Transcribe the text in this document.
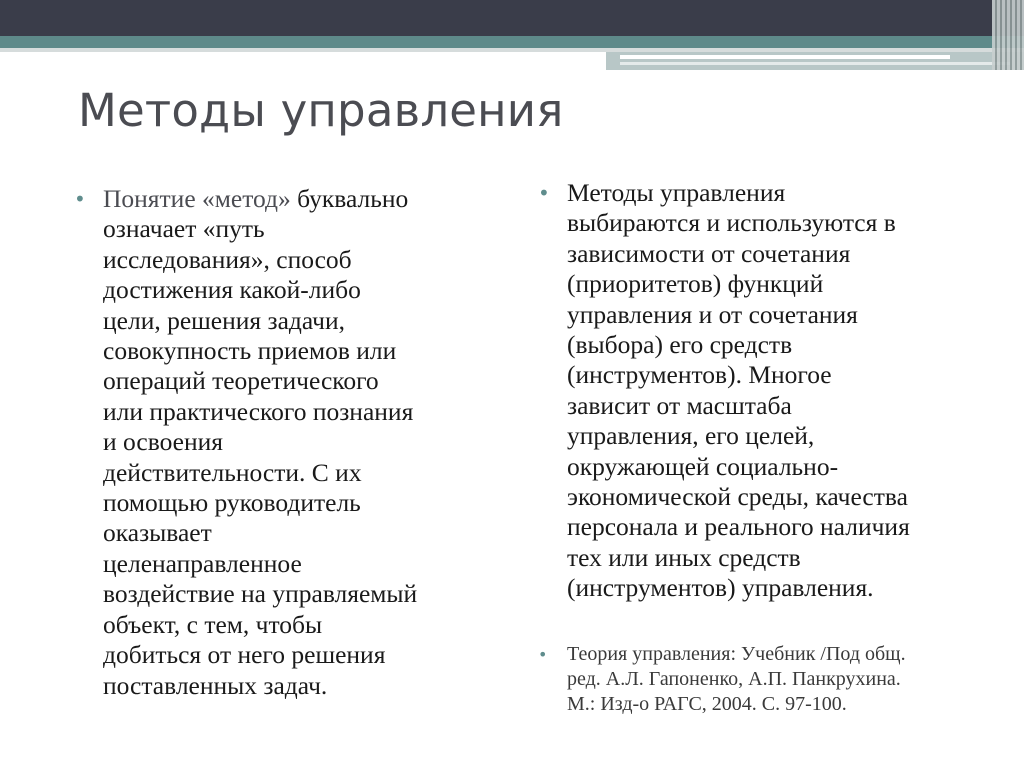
Методы управления

• Понятие «метод» буквально
означает «путь
исследования», способ
достижения какой-либо
цели, решения задачи,
совокупность приемов или
операций теоретического
или практического познания
и освоения
действительности. С их
помощью руководитель
оказывает
целенаправленное
воздействие на управляемый
объект, с тем, чтобы
добиться от него решения
поставленных задач.

• Методы управления
выбираются и используются в
зависимости от сочетания
(приоритетов) функций
управления и от сочетания
(выбора) его средств
(инструментов). Многое
зависит от масштаба
управления, его целей,
окружающей социально-
экономической среды, качества
персонала и реального наличия
тех или иных средств
(инструментов) управления.

• Теория управления: Учебник /Под общ.
ред. А.Л. Гапоненко, А.П. Панкрухина.
М.: Изд-о РАГС, 2004. С. 97-100.
